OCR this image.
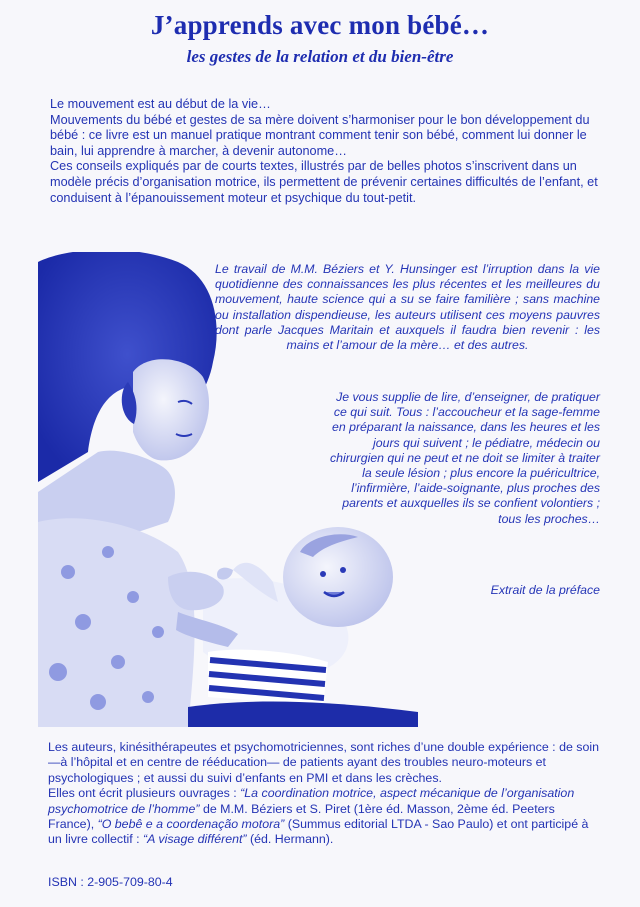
J’apprends avec mon bébé…
les gestes de la relation et du bien-être

Le mouvement est au début de la vie…

Mouvements du bébé et gestes de sa mère doivent s’harmoniser pour le bon développement du bébé : ce livre est un manuel pratique montrant comment tenir son bébé, comment lui donner le bain, lui apprendre à marcher, à devenir autonome…

Ces conseils expliqués par de courts textes, illustrés par de belles photos s’inscrivent dans un modèle précis d’organisation motrice, ils permettent de prévenir certaines difficultés de l’enfant, et conduisent à l’épanouissement moteur et psychique du tout-petit.

Le travail de M.M. Béziers et Y. Hunsinger est l’irruption dans la vie quotidienne des connaissances les plus récentes et les meilleures du mouvement, haute science qui a su se faire familière ; sans machine ou installation dispendieuse, les auteurs utilisent ces moyens pauvres dont parle Jacques Maritain et auxquels il faudra bien revenir : les mains et l’amour de la mère… et des autres.
Je vous supplie de lire, d’enseigner, de pratiquer ce qui suit. Tous : l’accoucheur et la sage-femme en préparant la naissance, dans les heures et les jours qui suivent ; le pédiatre, médecin ou chirurgien qui ne peut et ne doit se limiter à traiter la seule lésion ; plus encore la puéricultrice, l’infirmière, l’aide-soignante, plus proches des parents et auxquelles ils se confient volontiers ; tous les proches…
Extrait de la préface

Les auteurs, kinésithérapeutes et psychomotriciennes, sont riches d’une double expérience : de soin —à l’hôpital et en centre de rééducation— de patients ayant des troubles neuro-moteurs et psychologiques ; et aussi du suivi d’enfants en PMI et dans les crèches.

Elles ont écrit plusieurs ouvrages : “La coordination motrice, aspect mécanique de l’organisation psychomotrice de l’homme” de M.M. Béziers et S. Piret (1ère éd. Masson, 2ème éd. Peeters France), “O bebê e a coordenação motora” (Summus editorial LTDA - Sao Paulo) et ont participé à un livre collectif : “A visage différent” (éd. Hermann).

ISBN : 2-905-709-80-4
